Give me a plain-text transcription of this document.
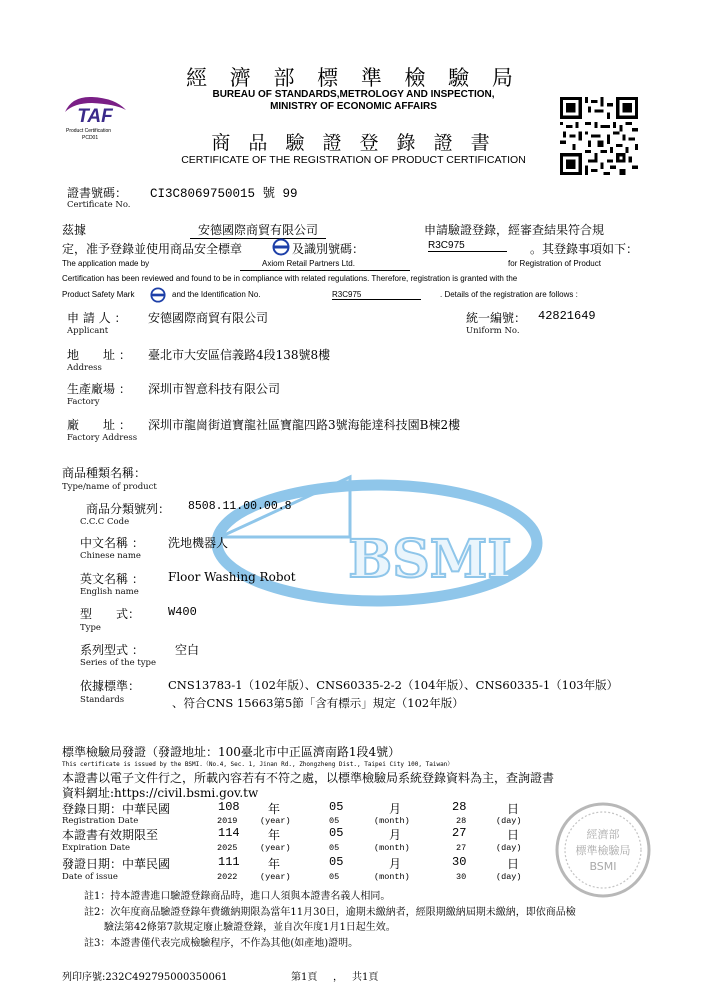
經 濟 部 標 準 檢 驗 局
BUREAU OF STANDARDS,METROLOGY AND INSPECTION,
MINISTRY OF ECONOMIC AFFAIRS
TAF
Product Certification
PCD01	商 品 驗 證 登 錄 證 書
CERTIFICATE OF THE REGISTRATION OF PRODUCT CERTIFICATION
BSMI
證書號碼： CI3C8069750015 號 99
Certificate No.
茲據	安德國際商貿有限公司	申請驗證登錄，經審查結果符合規
定，准予登錄並使用商品安全標章	及識別號碼：	R3C975	。其登錄事項如下：
The application made by	Axiom Retail Partners Ltd.	for Registration of Product
Certification has been reviewed and found to be in compliance with related regulations. Therefore, registration is granted with the
Product Safety Mark	and the Identification No.	R3C975	. Details of the registration are follows :
申 請 人 ： 安德國際商貿有限公司
Applicant
統一編號： 42821649
Uniform No.
地　　址 ： 臺北市大安區信義路4段138號8樓
Address
生產廠場 ： 深圳市智意科技有限公司
Factory
廠　　址 ： 深圳市龍崗街道寶龍社區寶龍四路3號海能達科技園B棟2樓
Factory Address
商品種類名稱：
Type/name of product
商品分類號列： 8508.11.00.00.8
C.C.C Code
中文名稱 ： 洗地機器人
Chinese name
英文名稱 ： Floor Washing Robot
English name
型　　式： W400
Type
系列型式 ：	空白
Series of the type
依據標準： CNS13783-1（102年版）、CNS60335-2-2（104年版）、CNS60335-1（103年版）
Standards	、符合CNS 15663第5節「含有標示」規定（102年版）
標準檢驗局發證（發證地址：100臺北市中正區濟南路1段4號）
This certificate is issued by the BSMI.（No.4, Sec. 1, Jinan Rd., Zhongzheng Dist., Taipei City 100, Taiwan）
本證書以電子文件行之，所載內容若有不符之處，以標準檢驗局系統登錄資料為主，查詢證書
資料網址:https://civil.bsmi.gov.tw
登錄日期：中華民國	108 年	05	月	28	日
Registration Date	2019	(year)	05	(month)	28	(day)
本證書有效期限至	114 年	05	月	27	日
Expiration Date	2025	(year)	05	(month)	27	(day)
發證日期：中華民國	111 年	05	月	30	日
Date of issue	2022	(year)	05	(month)	30	(day)
經濟部
標準檢驗局
BSMI
註1：持本證書進口驗證登錄商品時，進口人須與本證書名義人相同。
註2：次年度商品驗證登錄年費繳納期限為當年11月30日，逾期未繳納者，經限期繳納屆期未繳納，即依商品檢
驗法第42條第7款規定廢止驗證登錄，並自次年度1月1日起生效。
註3：本證書僅代表完成檢驗程序，不作為其他(如產地)證明。
列印序號:232C492795000350061	第1頁 ， 共1頁
